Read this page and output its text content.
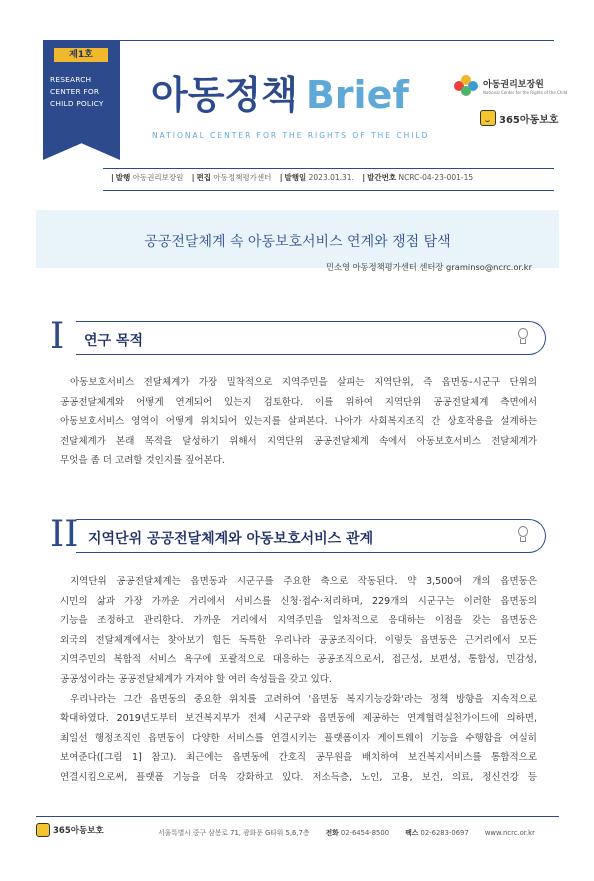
제1호
RESEARCH
CENTER FOR
CHILD POLICY	아동정책 Brief
NATIONAL CENTER FOR THE RIGHTS OF THE CHILD
아동권리보장원
National Center for the Rights of the Child
365아동보호
| 발행 아동권리보장원 | 편집 아동정책평가센터 | 발행일 2023.01.31. | 발간번호 NCRC-04-23-001-15
공공전달체계 속 아동보호서비스 연계와 쟁점 탐색
민소영 아동정책평가센터 센터장 graminso@ncrc.or.kr
I 연구 목적
아동보호서비스 전달체계가 가장 밀착적으로 지역주민을 살피는 지역단위, 즉 읍면동-시군구 단위의
공공전달체계와 어떻게 연계되어 있는지 검토한다. 이를 위하여 지역단위 공공전달체계 측면에서
아동보호서비스 영역이 어떻게 위치되어 있는지를 살펴본다. 나아가 사회복지조직 간 상호작용을 설계하는
전달체계가 본래 목적을 달성하기 위해서 지역단위 공공전달체계 속에서 아동보호서비스 전달체계가
무엇을 좀 더 고려할 것인지를 짚어본다.
II 지역단위 공공전달체계와 아동보호서비스 관계
지역단위 공공전달체계는 읍면동과 시군구를 주요한 축으로 작동된다. 약 3,500여 개의 읍면동은
시민의 삶과 가장 가까운 거리에서 서비스를 신청·접수·처리하며, 229개의 시군구는 이러한 읍면동의
기능을 조정하고 관리한다. 가까운 거리에서 지역주민을 일차적으로 응대하는 이점을 갖는 읍면동은
외국의 전달체계에서는 찾아보기 힘든 독특한 우리나라 공공조직이다. 이렇듯 읍면동은 근거리에서 모든
지역주민의 복합적 서비스 욕구에 포괄적으로 대응하는 공공조직으로서, 접근성, 보편성, 통합성, 민감성,
공공성이라는 공공전달체계가 가져야 할 여러 속성들을 갖고 있다.
우리나라는 그간 읍면동의 중요한 위치를 고려하여 '읍면동 복지기능강화'라는 정책 방향을 지속적으로
확대하였다. 2019년도부터 보건복지부가 전체 시군구와 읍면동에 제공하는 연계협력실천가이드에 의하면,
최일선 행정조직인 읍면동이 다양한 서비스를 연결시키는 플랫폼이자 게이트웨이 기능을 수행함을 여실히
보여준다([그림 1] 참고). 최근에는 읍면동에 간호직 공무원을 배치하여 보건복지서비스를 통합적으로
연결시킴으로써, 플랫폼 기능을 더욱 강화하고 있다. 저소득층, 노인, 고용, 보건, 의료, 정신건강 등
365아동보호	서울특별시 중구 삼봉로 71, 광화문 G타워 5,6,7층 전화 02-6454-8500 팩스 02-6283-0697 www.ncrc.or.kr
